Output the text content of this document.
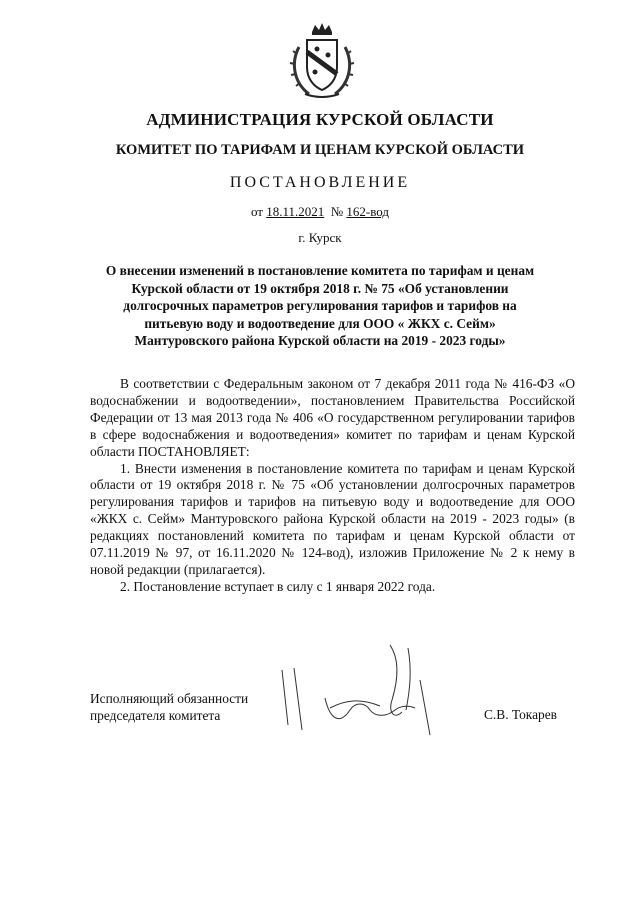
АДМИНИСТРАЦИЯ КУРСКОЙ ОБЛАСТИ
КОМИТЕТ ПО ТАРИФАМ И ЦЕНАМ КУРСКОЙ ОБЛАСТИ
ПОСТАНОВЛЕНИЕ
от 18.11.2021 № 162-вод
г. Курск
О внесении изменений в постановление комитета по тарифам и ценам
Курской области от 19 октября 2018 г. № 75 «Об установлении
долгосрочных параметров регулирования тарифов и тарифов на
питьевую воду и водоотведение для ООО « ЖКХ с. Сейм»
Мантуровского района Курской области на 2019 - 2023 годы»

В соответствии с Федеральным законом от 7 декабря 2011 года № 416-ФЗ «О водоснабжении и водоотведении», постановлением Правительства Российской Федерации от 13 мая 2013 года № 406 «О государственном регулировании тарифов в сфере водоснабжения и водоотведения» комитет по тарифам и ценам Курской области ПОСТАНОВЛЯЕТ:

1. Внести изменения в постановление комитета по тарифам и ценам Курской области от 19 октября 2018 г. № 75 «Об установлении долгосрочных параметров регулирования тарифов и тарифов на питьевую воду и водоотведение для ООО «ЖКХ с. Сейм» Мантуровского района Курской области на 2019 - 2023 годы» (в редакциях постановлений комитета по тарифам и ценам Курской области от 07.11.2019 № 97, от 16.11.2020 № 124-вод), изложив Приложение № 2 к нему в новой редакции (прилагается).

2. Постановление вступает в силу с 1 января 2022 года.

Исполняющий обязанности
председателя комитета	С.В. Токарев
